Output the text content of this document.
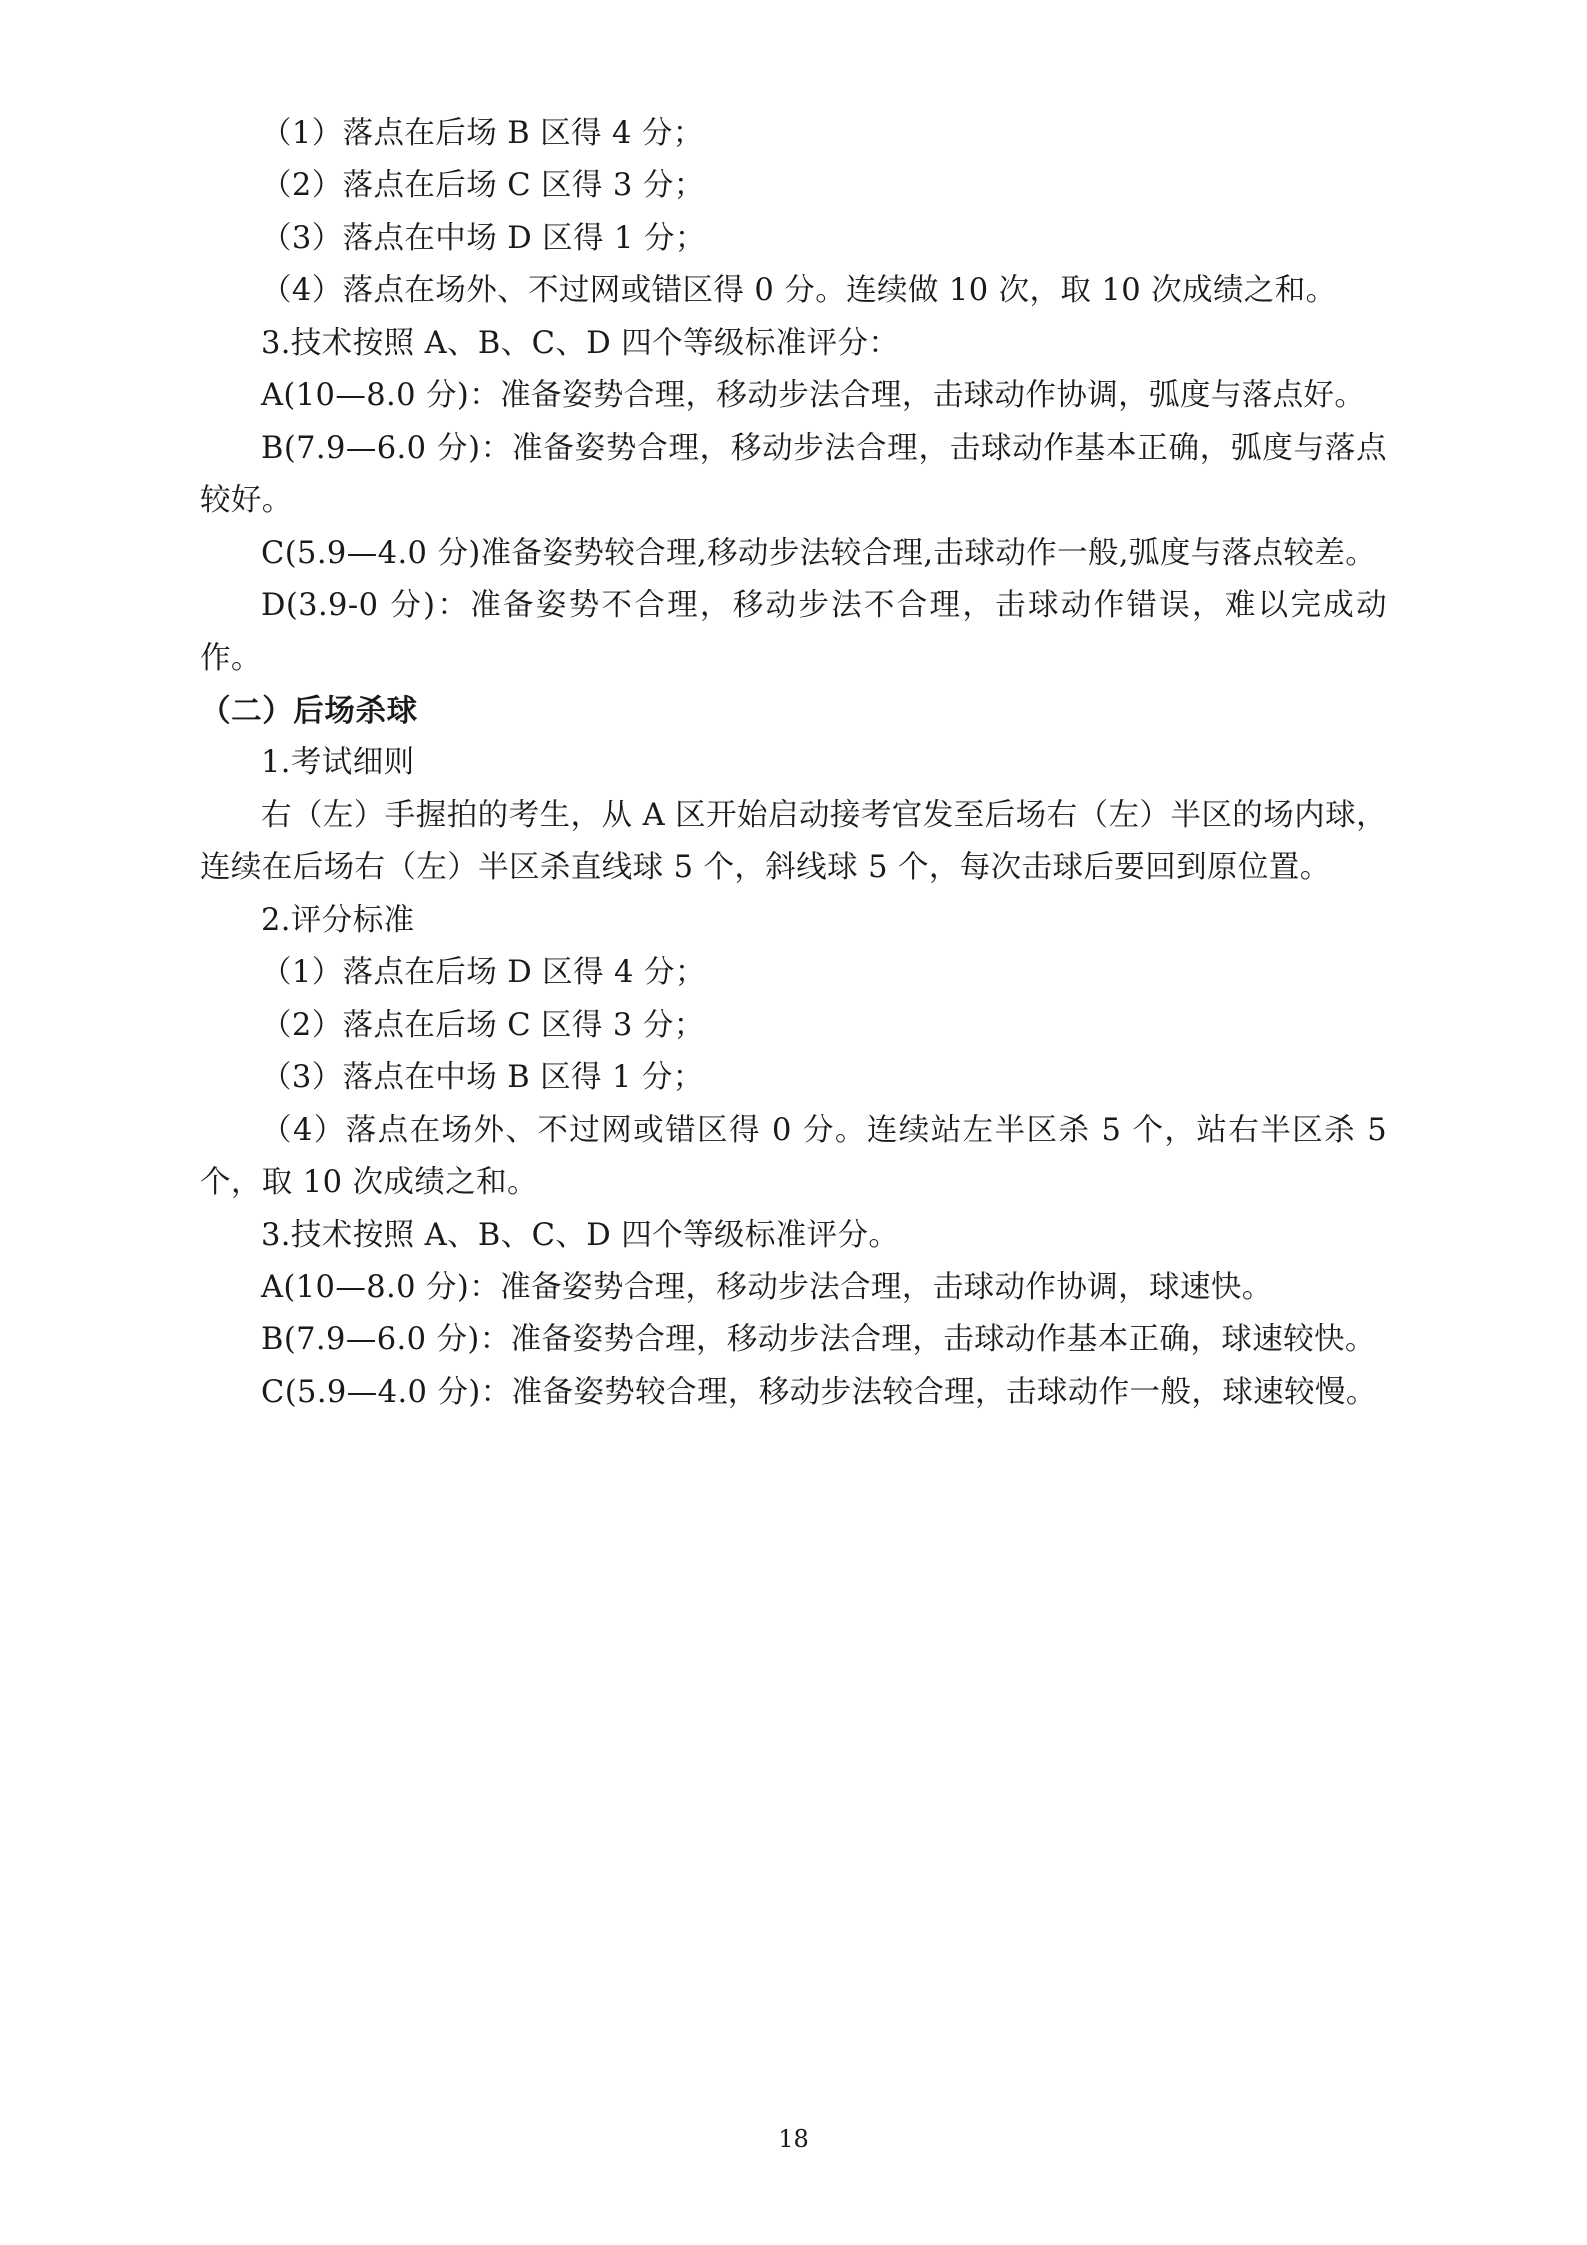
（1）落点在后场 B 区得 4 分；

（2）落点在后场 C 区得 3 分；

（3）落点在中场 D 区得 1 分；

（4）落点在场外、不过网或错区得 0 分。连续做 10 次，取 10 次成绩之和。

3.技术按照 A、B、C、D 四个等级标准评分：

A(10—8.0 分)：准备姿势合理，移动步法合理，击球动作协调，弧度与落点好。

B(7.9—6.0 分)：准备姿势合理，移动步法合理，击球动作基本正确，弧度与落点较好。

C(5.9—4.0 分)准备姿势较合理,移动步法较合理,击球动作一般,弧度与落点较差。

D(3.9-0 分)：准备姿势不合理，移动步法不合理，击球动作错误，难以完成动作。

（二）后场杀球

1.考试细则

右（左）手握拍的考生，从 A 区开始启动接考官发至后场右（左）半区的场内球，连续在后场右（左）半区杀直线球 5 个，斜线球 5 个，每次击球后要回到原位置。

2.评分标准

（1）落点在后场 D 区得 4 分；

（2）落点在后场 C 区得 3 分；

（3）落点在中场 B 区得 1 分；

（4）落点在场外、不过网或错区得 0 分。连续站左半区杀 5 个，站右半区杀 5 个，取 10 次成绩之和。

3.技术按照 A、B、C、D 四个等级标准评分。

A(10—8.0 分)：准备姿势合理，移动步法合理，击球动作协调，球速快。

B(7.9—6.0 分)：准备姿势合理，移动步法合理，击球动作基本正确，球速较快。

C(5.9—4.0 分)：准备姿势较合理，移动步法较合理，击球动作一般，球速较慢。

18
